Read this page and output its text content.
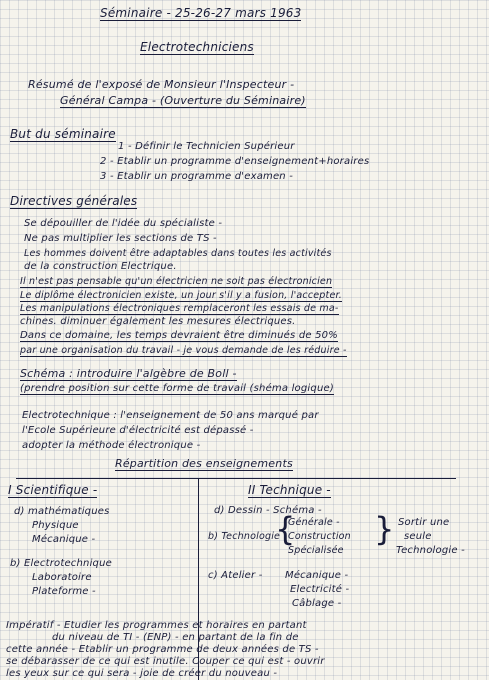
Séminaire - 25-26-27 mars 1963
Electrotechniciens
Résumé de l'exposé de Monsieur l'Inspecteur -
Général Campa - (Ouverture du Séminaire)
But du séminaire
1 - Définir le Technicien Supérieur
2 - Etablir un programme d'enseignement+horaires
3 - Etablir un programme d'examen -
Directives générales
Se dépouiller de l'idée du spécialiste -
Ne pas multiplier les sections de TS -
Les hommes doivent être adaptables dans toutes les activités
de la construction Electrique.
Il n'est pas pensable qu'un électricien ne soit pas électronicien
Le diplôme électronicien existe, un jour s'il y a fusion, l'accepter.
Les manipulations électroniques remplaceront les essais de ma-
chines. diminuer également les mesures électriques.
Dans ce domaine, les temps devraient être diminués de 50%
par une organisation du travail - je vous demande de les réduire -
Schéma : introduire l'algèbre de Boll -
(prendre position sur cette forme de travail (shéma logique)
Electrotechnique : l'enseignement de 50 ans marqué par
l'Ecole Supérieure d'électricité est dépassé -
adopter la méthode électronique -
Répartition des enseignements
I Scientifique -
d) mathématiques
Physique
Mécanique -
b) Electrotechnique
Laboratoire
Plateforme -
II Technique -
d) Dessin - Schéma -
b) Technologie
{
Générale -
Construction
Spécialisée
} Sortir une
seule
Technologie -
c) Atelier - Mécanique -
Electricité -
Câblage -
Impératif - Etudier les programmes et horaires en partant
du niveau de TI - (ENP) - en partant de la fin de
cette année - Etablir un programme de deux années de TS -
se débarasser de ce qui est inutile. Couper ce qui est - ouvrir
les yeux sur ce qui sera - joie de créer du nouveau -
